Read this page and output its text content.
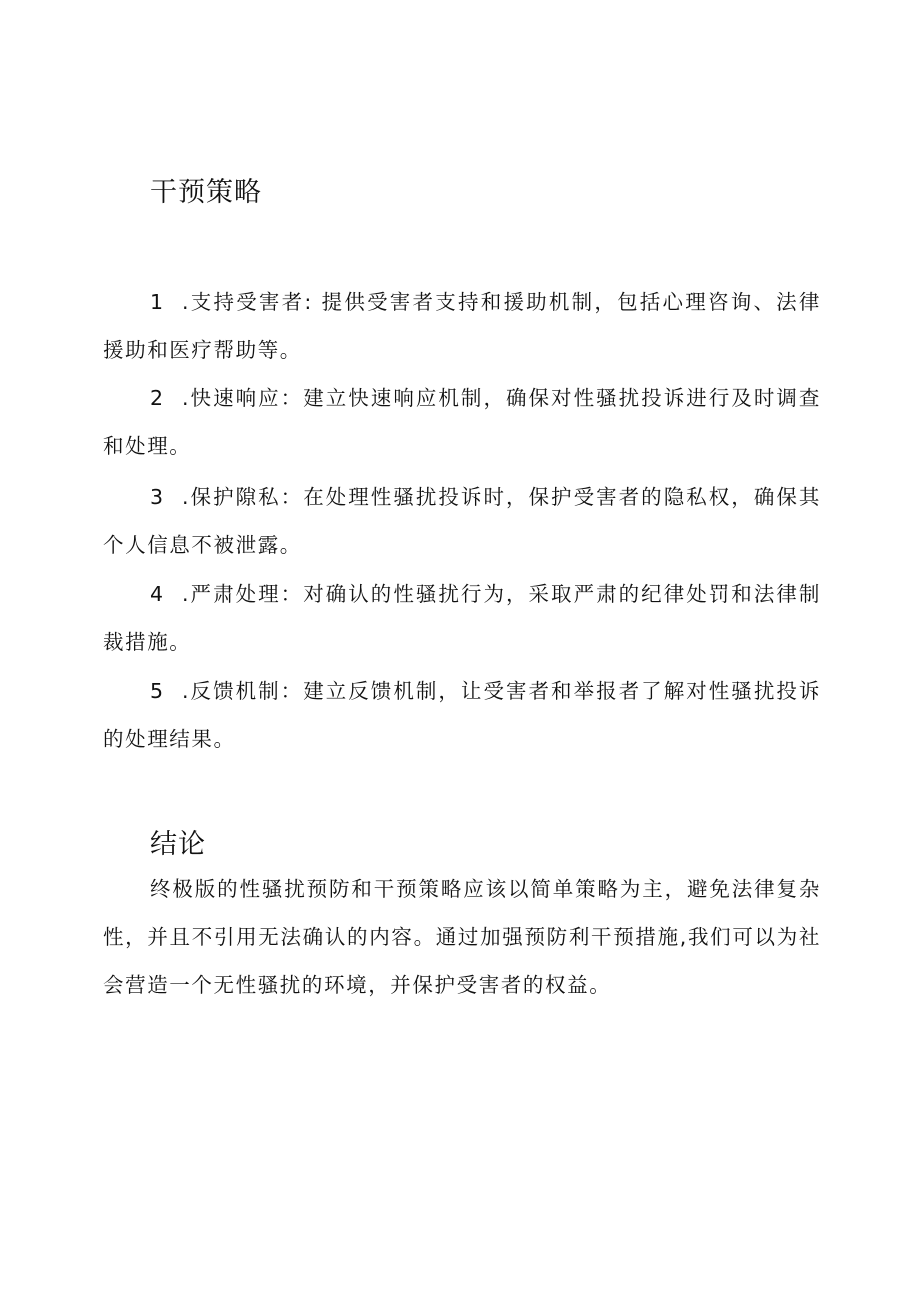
干预策略

1 .支持受害者: 提供受害者支持和援助机制，包括心理咨询、法律援助和医疗帮助等。

2 .快速响应：建立快速响应机制，确保对性骚扰投诉进行及时调查和处理。

3 .保护隙私：在处理性骚扰投诉时，保护受害者的隐私权，确保其个人信息不被泄露。

4 .严肃处理：对确认的性骚扰行为，采取严肃的纪律处罚和法律制裁措施。

5 .反馈机制：建立反馈机制，让受害者和举报者了解对性骚扰投诉的处理结果。

结论

终极版的性骚扰预防和干预策略应该以简单策略为主，避免法律复杂性，并且不引用无法确认的内容。通过加强预防利干预措施,我们可以为社会营造一个无性骚扰的环境，并保护受害者的权益。
